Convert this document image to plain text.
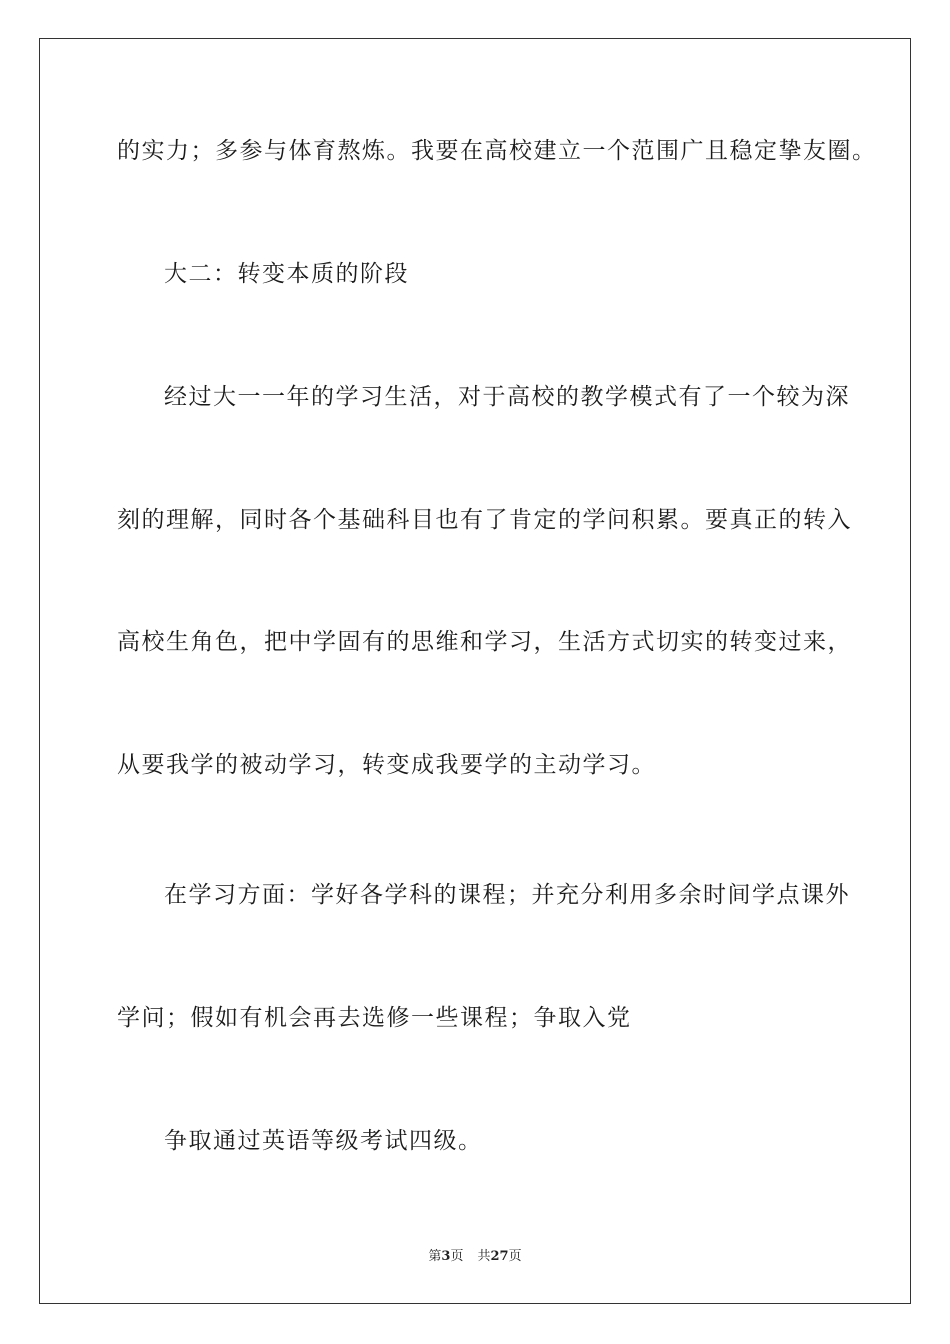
的实力；多参与体育熬炼。我要在高校建立一个范围广且稳定挚友圈。
大二：转变本质的阶段
经过大一一年的学习生活，对于高校的教学模式有了一个较为深
刻的理解，同时各个基础科目也有了肯定的学问积累。要真正的转入
高校生角色，把中学固有的思维和学习，生活方式切实的转变过来，
从要我学的被动学习，转变成我要学的主动学习。
在学习方面：学好各学科的课程；并充分利用多余时间学点课外
学问；假如有机会再去选修一些课程；争取入党
争取通过英语等级考试四级。
第3页 共27页
